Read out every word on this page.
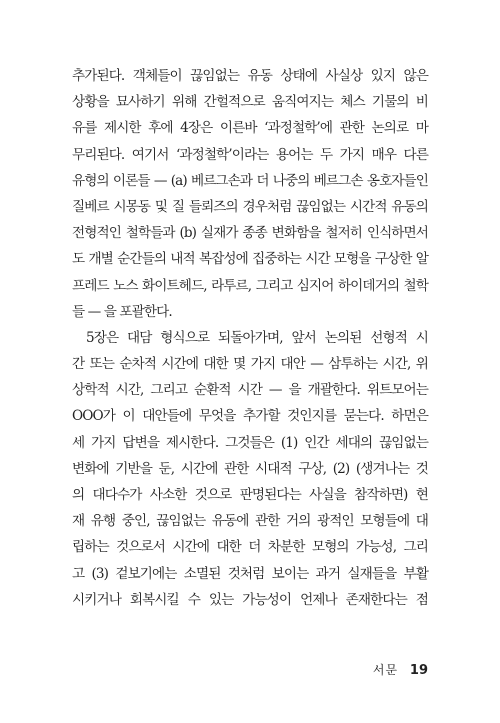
추가된다. 객체들이 끊임없는 유동 상태에 사실상 있지 않은
상황을 묘사하기 위해 간헐적으로 움직여지는 체스 기물의 비
유를 제시한 후에 4장은 이른바 ‘과정철학’에 관한 논의로 마
무리된다. 여기서 ‘과정철학’이라는 용어는 두 가지 매우 다른
유형의 이론들 — (a) 베르그손과 더 나중의 베르그손 옹호자들인
질베르 시몽동 및 질 들뢰즈의 경우처럼 끊임없는 시간적 유동의
전형적인 철학들과 (b) 실재가 종종 변화함을 철저히 인식하면서
도 개별 순간들의 내적 복잡성에 집중하는 시간 모형을 구상한 알
프레드 노스 화이트헤드, 라투르, 그리고 심지어 하이데거의 철학
들 — 을 포괄한다.
5장은 대담 형식으로 되돌아가며, 앞서 논의된 선형적 시
간 또는 순차적 시간에 대한 몇 가지 대안 — 삼투하는 시간, 위
상학적 시간, 그리고 순환적 시간 — 을 개괄한다. 위트모어는
OOO가 이 대안들에 무엇을 추가할 것인지를 묻는다. 하먼은
세 가지 답변을 제시한다. 그것들은 (1) 인간 세대의 끊임없는
변화에 기반을 둔, 시간에 관한 시대적 구상, (2) (생겨나는 것
의 대다수가 사소한 것으로 판명된다는 사실을 참작하면) 현
재 유행 중인, 끊임없는 유동에 관한 거의 광적인 모형들에 대
립하는 것으로서 시간에 대한 더 차분한 모형의 가능성, 그리
고 (3) 겉보기에는 소멸된 것처럼 보이는 과거 실재들을 부활
시키거나 회복시킬 수 있는 가능성이 언제나 존재한다는 점
서문 19
